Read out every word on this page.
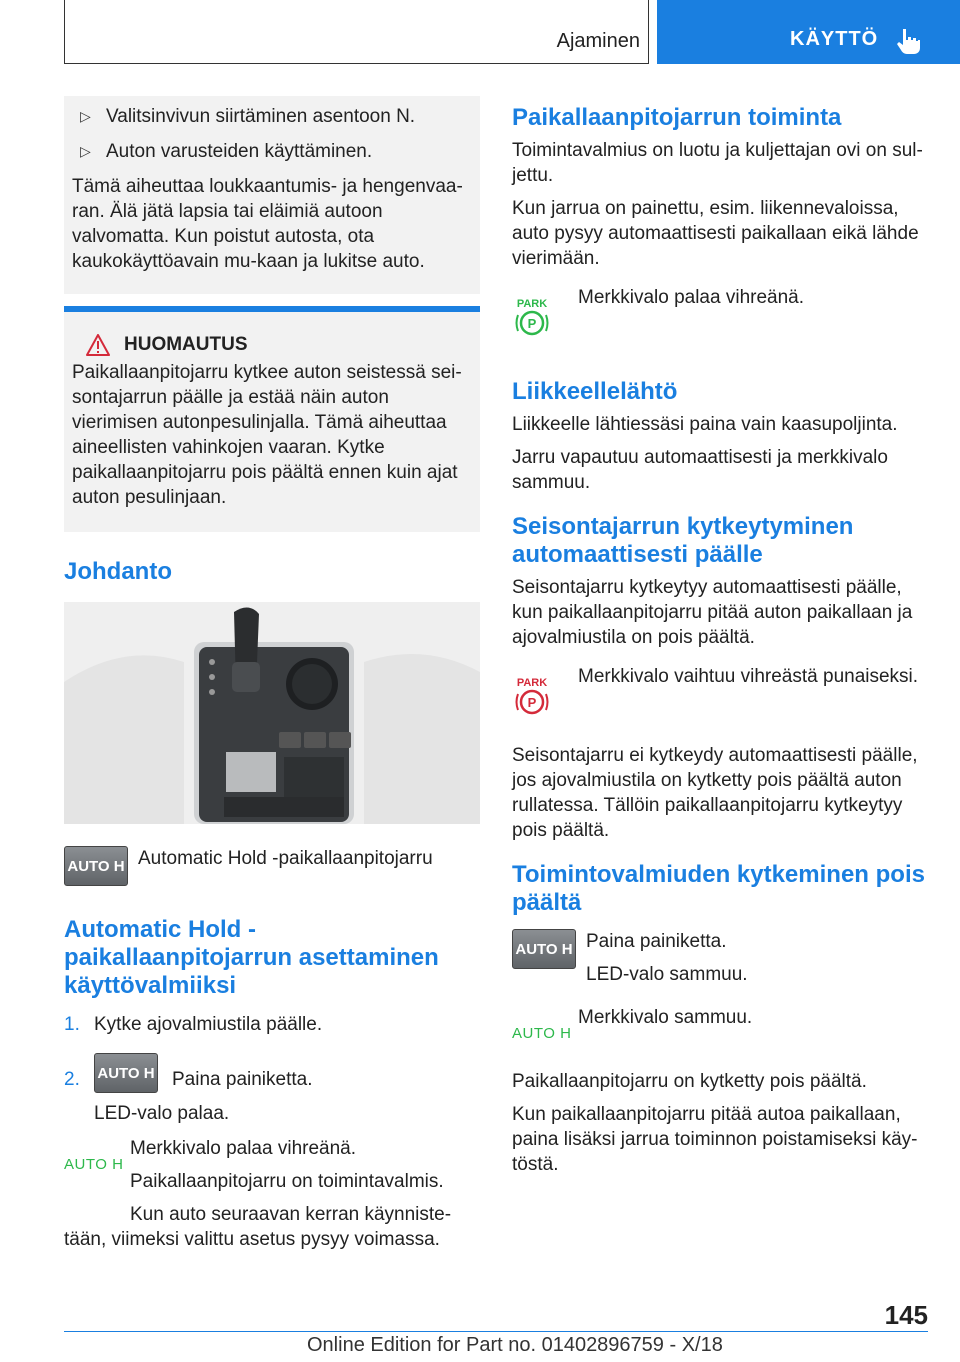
Ajaminen	KÄYTTÖ
▷ Valitsinvivun siirtäminen asentoon N.
▷ Auton varusteiden käyttäminen.
Tämä aiheuttaa loukkaantumis- ja hengenvaa-ran. Älä jätä lapsia tai eläimiä autoon valvomatta. Kun poistut autosta, ota kaukokäyttöavain mu-kaan ja lukitse auto.
HUOMAUTUS
Paikallaanpitojarru kytkee auton seistessä sei-sontajarrun päälle ja estää näin auton vierimisen autonpesulinjalla. Tämä aiheuttaa aineellisten vahinkojen vaaran. Kytke paikallaanpitojarru pois päältä ennen kuin ajat auton pesulinjaan.
Johdanto
AUTO H Automatic Hold -paikallaanpitojarru
Automatic Hold -paikallaanpitojarrun asettaminen käyttövalmiiksi
1. Kytke ajovalmiustila päälle.
2.	AUTO H Paina painiketta.
LED-valo palaa.
AUTO H
Merkkivalo palaa vihreänä.
Paikallaanpitojarru on toimintavalmis.
Kun auto seuraavan kerran käynniste-tään, viimeksi valittu asetus pysyy voimassa.
Paikallaanpitojarrun toiminta
Toimintavalmius on luotu ja kuljettajan ovi on sul-jettu.
Kun jarrua on painettu, esim. liikennevaloissa, auto pysyy automaattisesti paikallaan eikä lähde vierimään.
PARK
P
Merkkivalo palaa vihreänä.
Liikkeellelähtö
Liikkeelle lähtiessäsi paina vain kaasupoljinta.
Jarru vapautuu automaattisesti ja merkkivalo sammuu.
Seisontajarrun kytkeytyminen automaattisesti päälle
Seisontajarru kytkeytyy automaattisesti päälle, kun paikallaanpitojarru pitää auton paikallaan ja ajovalmiustila on pois päältä.
PARK
P
Merkkivalo vaihtuu vihreästä punaiseksi.
Seisontajarru ei kytkeydy automaattisesti päälle, jos ajovalmiustila on kytketty pois päältä auton rullatessa. Tällöin paikallaanpitojarru kytkeytyy pois päältä.
Toimintovalmiuden kytkeminen pois päältä
AUTO H Paina painiketta.
LED-valo sammuu.
AUTO H
Merkkivalo sammuu.
Paikallaanpitojarru on kytketty pois päältä.
Kun paikallaanpitojarru pitää autoa paikallaan, paina lisäksi jarrua toiminnon poistamiseksi käy-töstä.
145
Online Edition for Part no. 01402896759 - X/18
